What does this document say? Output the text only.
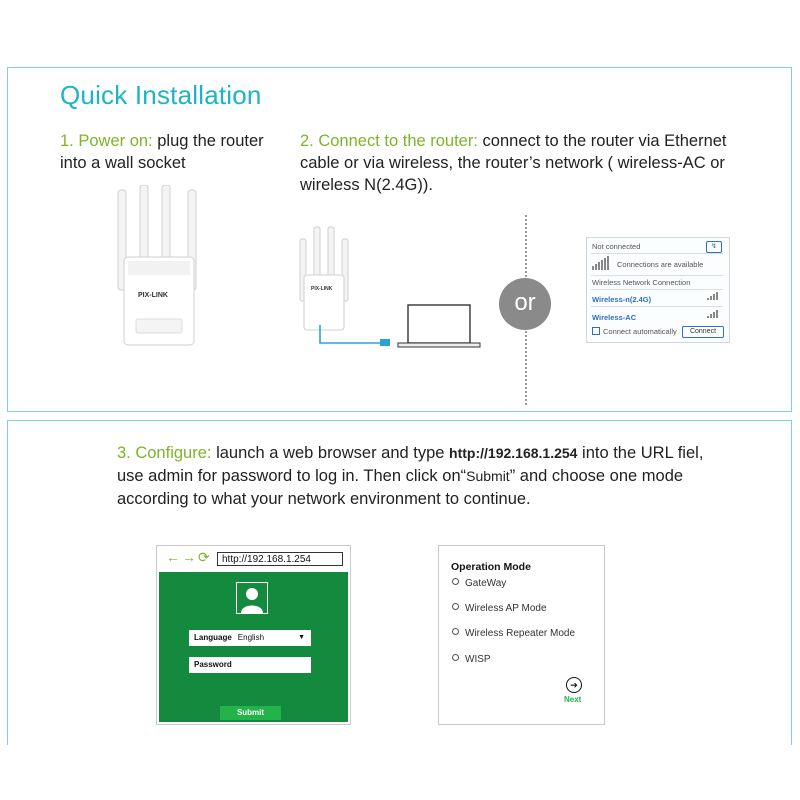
Quick Installation
1. Power on: plug the router into a wall socket
2. Connect to the router: connect to the router via Ethernet cable or via wireless, the router’s network ( wireless-AC or wireless N(2.4G)).
PIX-LINK
PIX-LINK	or
Not connected	↯
Connections are available
Wireless Network Connection
Wireless-n(2.4G)
Wireless-AC
Connect automatically	Connect
3. Configure: launch a web browser and type http://192.168.1.254 into the URL fiel, use admin for password to log in. Then click on“Submit” and choose one mode according to what your network environment to continue.
←→⟳	http://192.168.1.254
Language English	▼
Password
Submit
Operation Mode
GateWay
Wireless AP Mode
Wireless Repeater Mode
WISP
➔
Next
